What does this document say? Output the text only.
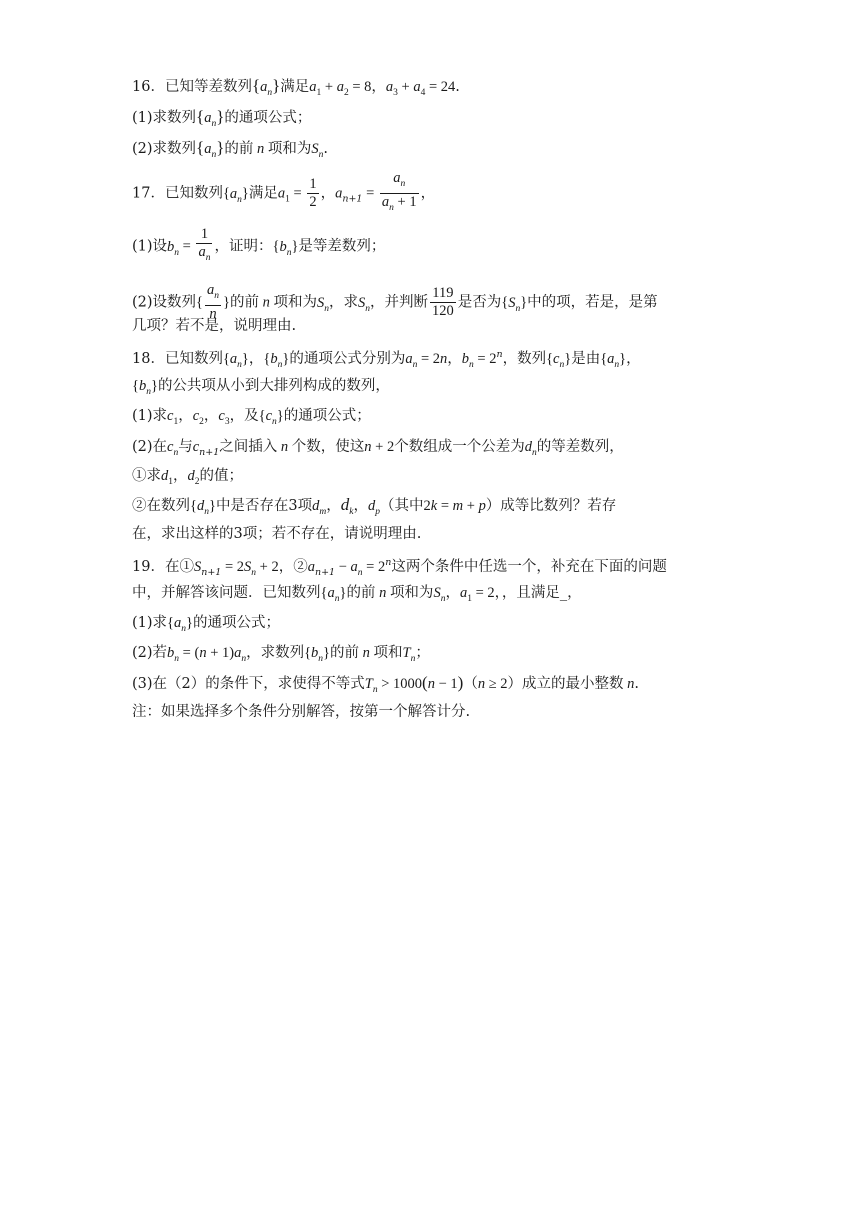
16．已知等差数列$\{a_n\}$满足$a_1 + a_2 = 8$，$a_3 + a_4 = 24$.
(1)求数列$\{a_n\}$的通项公式；
(2)求数列$\{a_n\}$的前 n 项和为$S_n$.
17．已知数列$\{a_n\}$满足$a_1 = \frac{1}{2}$ ，$a_{n+1} = \frac{a_n}{a_n + 1}$ ，
(1)设$b_n = \frac{1}{a_n}$ ，证明：$\{b_n\}$是等差数列；
(2)设数列{ $\frac{a_n}{n}$ }的前 n 项和为$S_n$，求$S_n$，并判断 $\frac{119}{120}$ 是否为$\{S_n\}$中的项，若是，是第
几项？若不是，说明理由.
18．已知数列$\{a_n\}$，$\{b_n\}$的通项公式分别为$a_n = 2n$，$b_n = 2^n$，数列$\{c_n\}$是由$\{a_n\}$，
$\{b_n\}$的公共项从小到大排列构成的数列，
(1)求$c_1$，$c_2$，$c_3$，及$\{c_n\}$的通项公式；
(2)在$c_n$与$c_{n+1}$之间插入 n 个数，使这n + 2个数组成一个公差为$d_n$的等差数列，
①求$d_1$，$d_2$的值；
②在数列$\{d_n\}$中是否存在3项$d_m$，$d_k$，$d_p$（其中2k = m + p）成等比数列？若存
在，求出这样的3项；若不存在，请说明理由.
19．在$①S_{n+1} = 2S_n + 2$，$②a_{n+1} - a_n = 2^n$这两个条件中任选一个，补充在下面的问题
中，并解答该问题．已知数列$\{a_n\}$的前 n 项和为$S_n$，$a_1 = 2$，，且满足_，
(1)求$\{a_n\}$的通项公式；
(2)若$b_n = (n + 1)a_n$，求数列$\{b_n\}$的前 n 项和$T_n$；
(3)在（2）的条件下，求使得不等式$T_n > 1000(n - 1)(n \ge 2)$成立的最小整数 n.
注：如果选择多个条件分别解答，按第一个解答计分.
